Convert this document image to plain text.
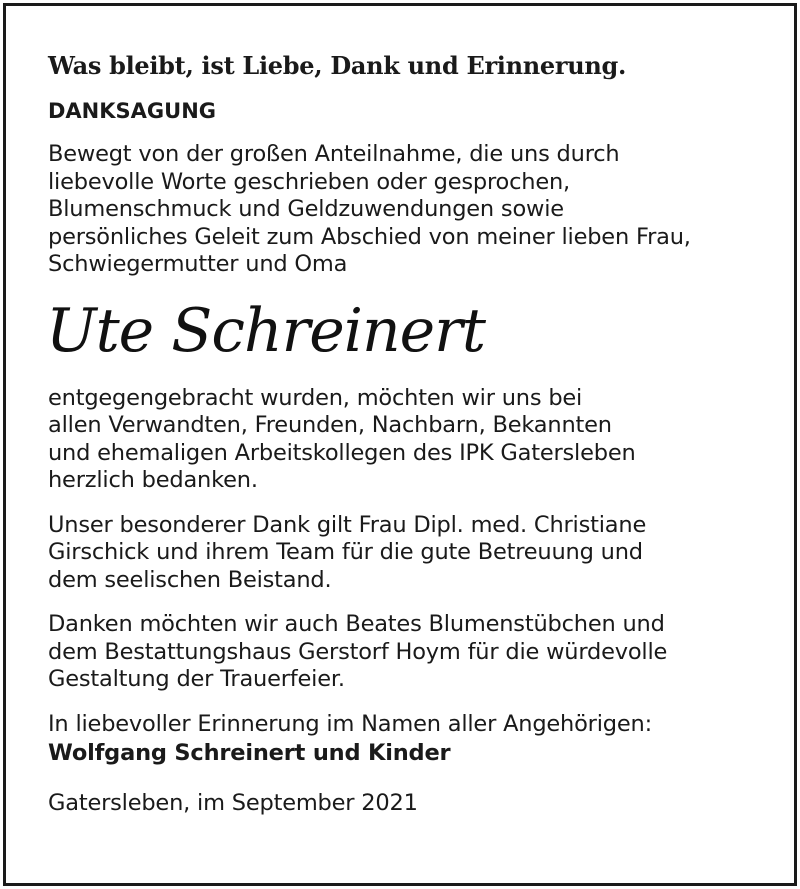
Was bleibt, ist Liebe, Dank und Erinnerung.

DANKSAGUNG

Bewegt von der großen Anteilnahme, die uns durch
liebevolle Worte geschrieben oder gesprochen,
Blumenschmuck und Geldzuwendungen sowie
persönliches Geleit zum Abschied von meiner lieben Frau,
Schwiegermutter und Oma

Ute Schreinert

entgegengebracht wurden, möchten wir uns bei
allen Verwandten, Freunden, Nachbarn, Bekannten
und ehemaligen Arbeitskollegen des IPK Gatersleben
herzlich bedanken.

Unser besonderer Dank gilt Frau Dipl. med. Christiane
Girschick und ihrem Team für die gute Betreuung und
dem seelischen Beistand.

Danken möchten wir auch Beates Blumenstübchen und
dem Bestattungshaus Gerstorf Hoym für die würdevolle
Gestaltung der Trauerfeier.

In liebevoller Erinnerung im Namen aller Angehörigen:

Wolfgang Schreinert und Kinder

Gatersleben, im September 2021
